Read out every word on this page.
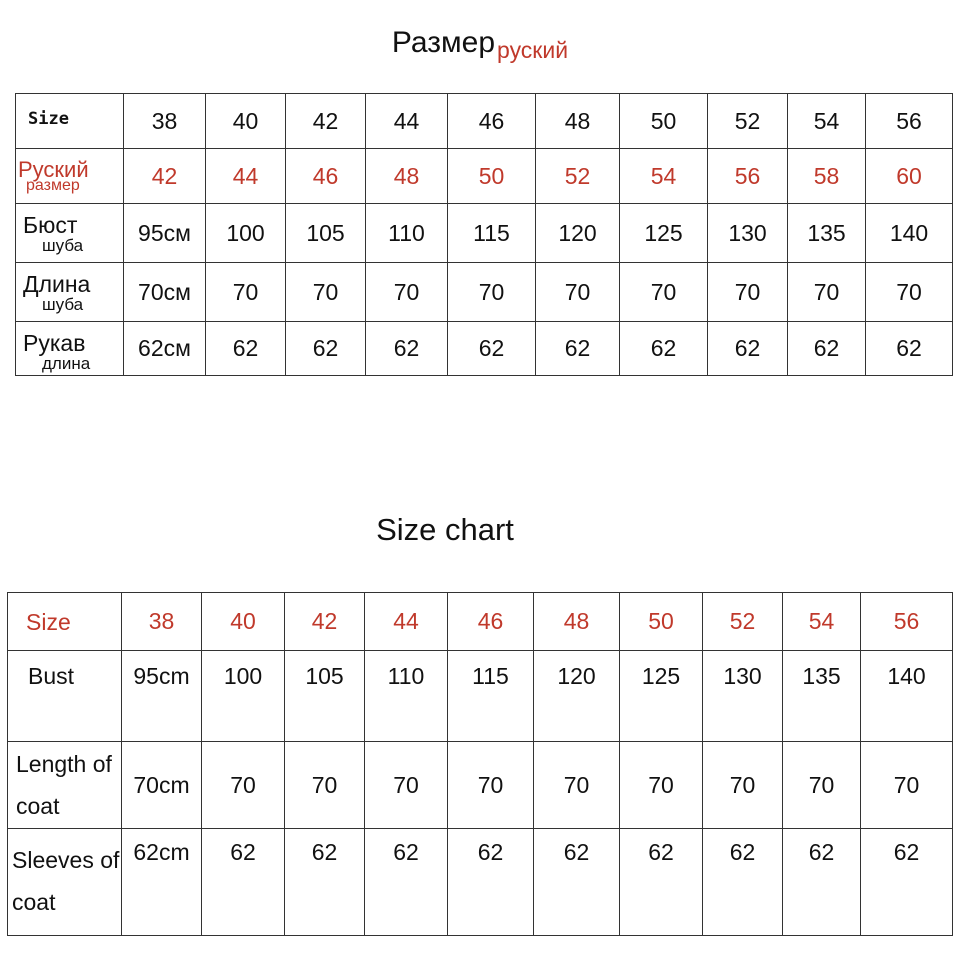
Размерруский
Size	38	40	42	44	46	48	50	52	54	56

Руский
размер	42	44	46	48	50	52	54	56	58	60

Бюст
шуба	95см	100	105	110	115	120	125	130	135	140

Длина
шуба	70см	70	70	70	70	70	70	70	70	70

Рукав
длина	62см	62	62	62	62	62	62	62	62	62
Size chart
Size	38	40	42	44	46	48	50	52	54	56
Bust	95cm	100	105	110	115	120	125	130	135	140
Length of coat	70cm	70	70	70	70	70	70	70	70	70
Sleeves of coat	62cm	62	62	62	62	62	62	62	62	62
